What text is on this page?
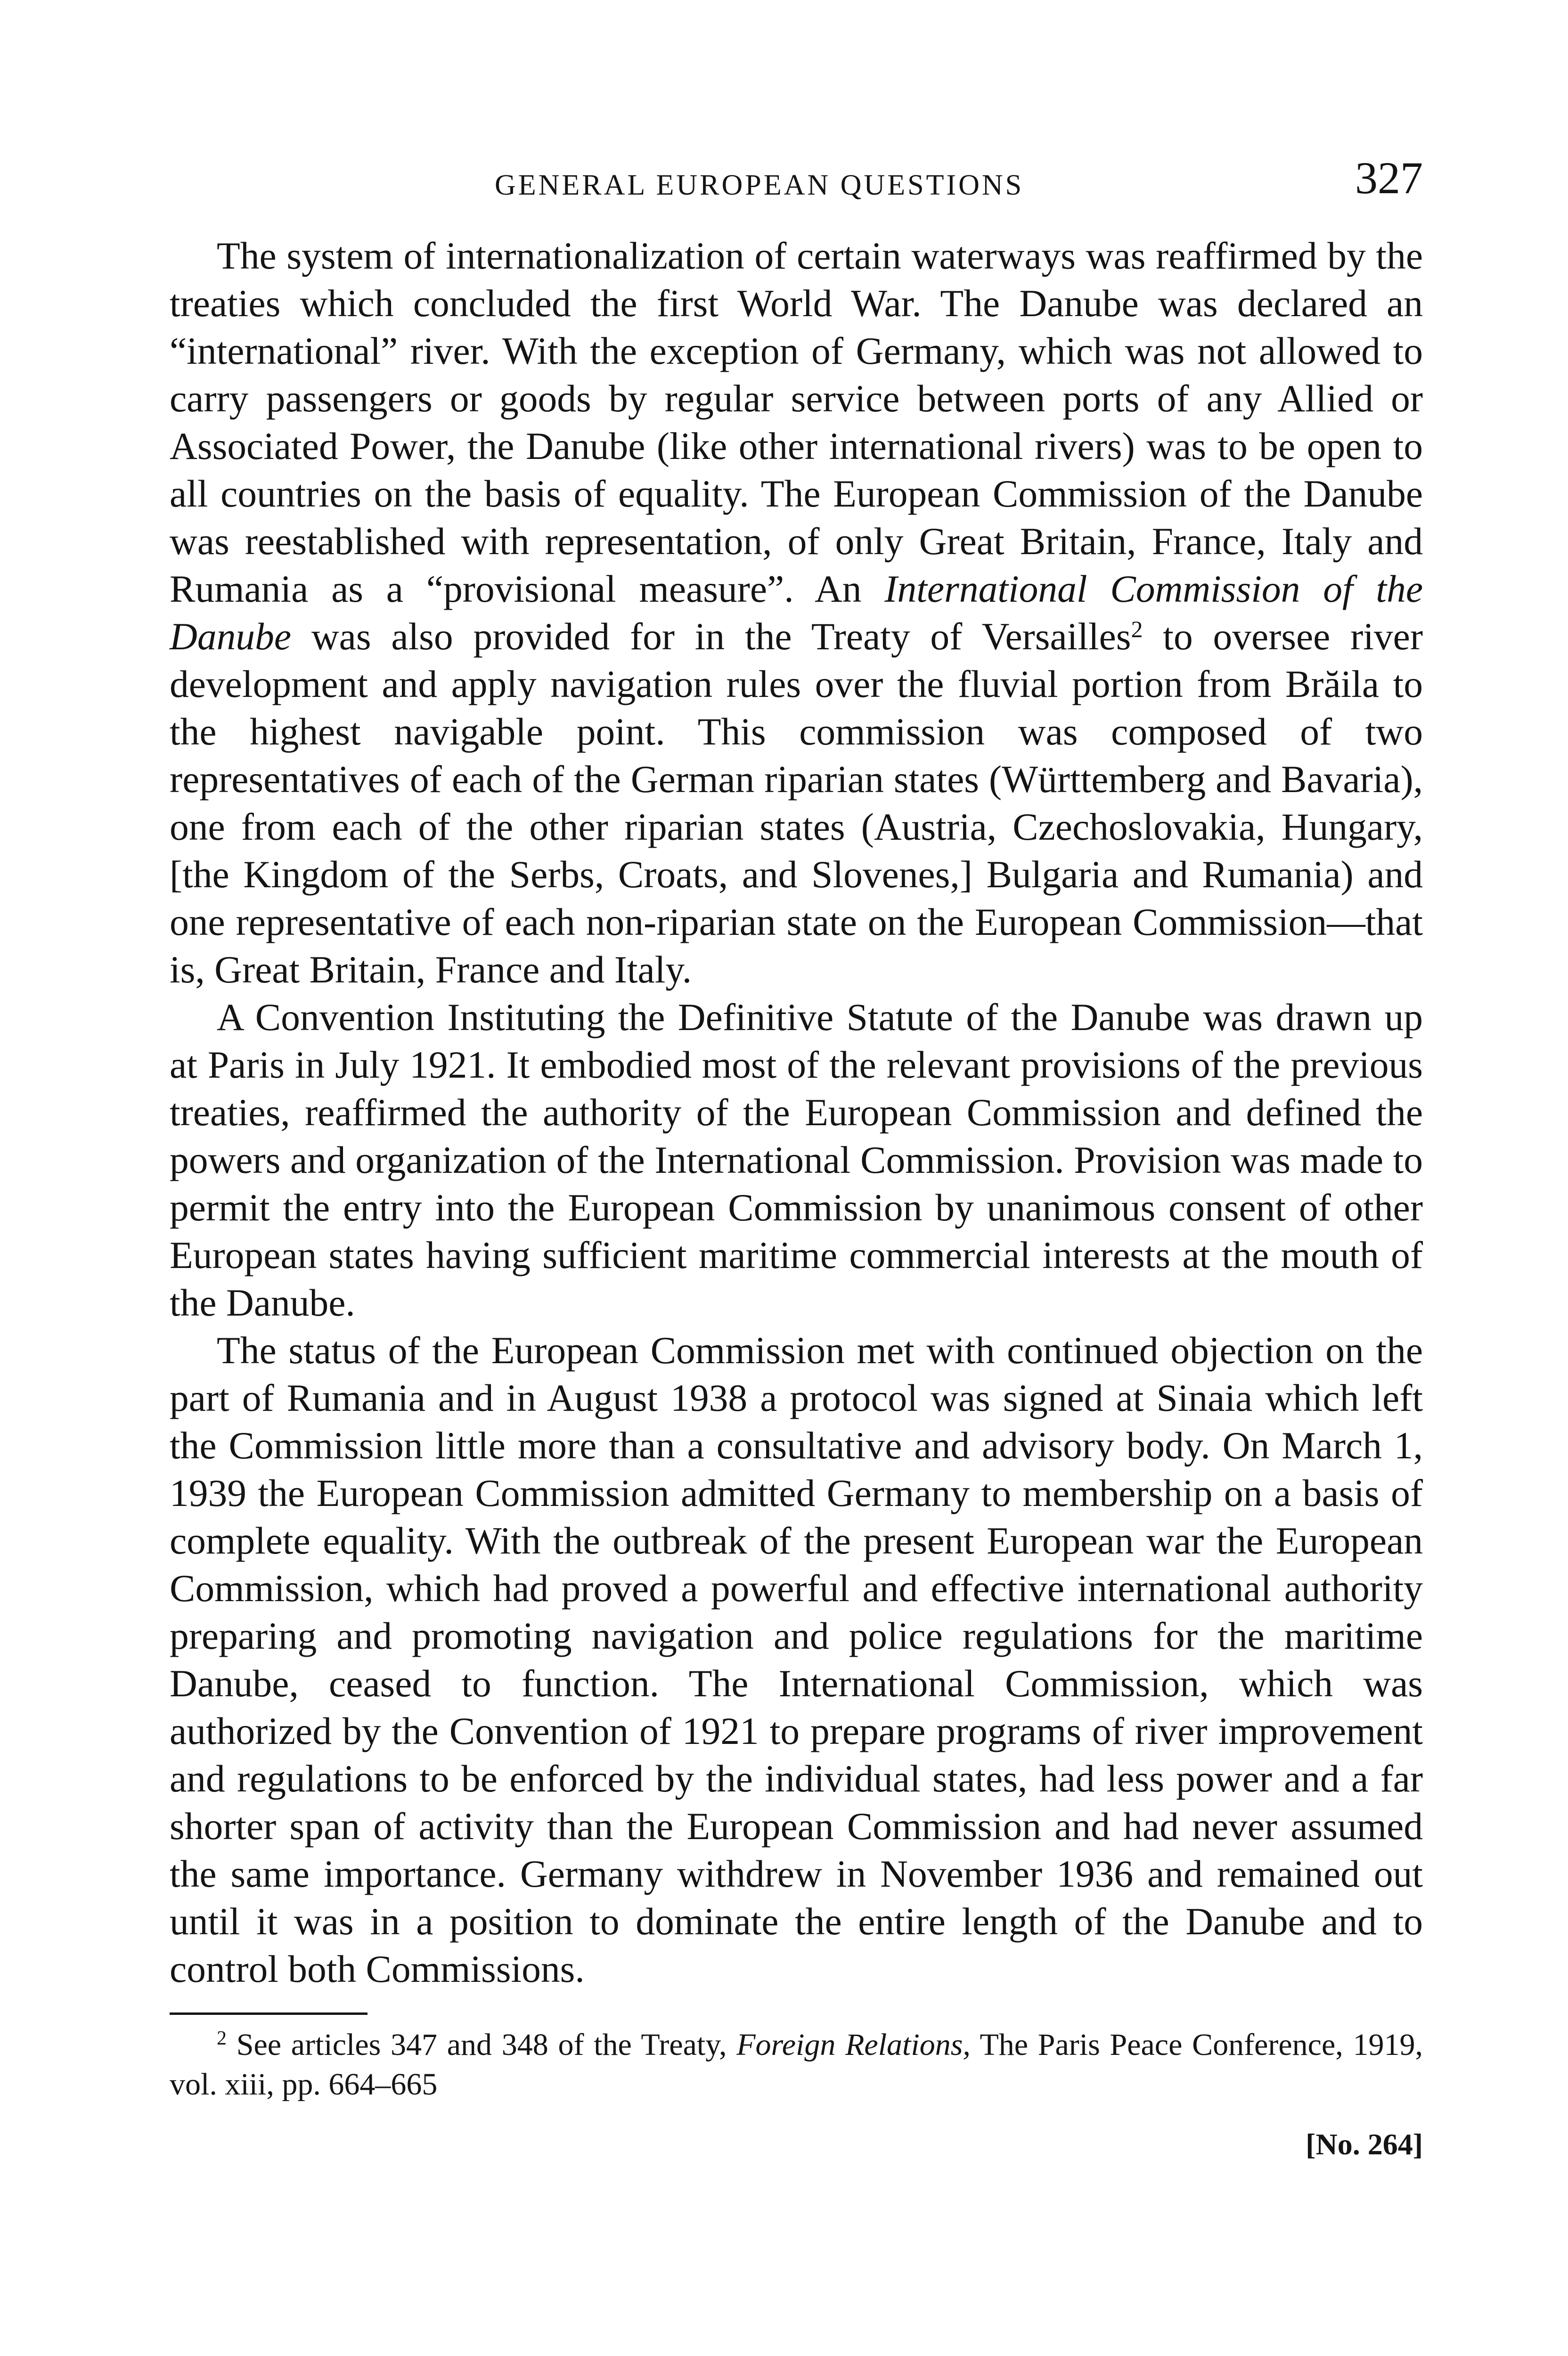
GENERAL EUROPEAN QUESTIONS	327

The system of internationalization of certain waterways was reaffirmed by the treaties which concluded the first World War. The Danube was declared an “international” river. With the exception of Germany, which was not allowed to carry passengers or goods by regular service between ports of any Allied or Associated Power, the Danube (like other international rivers) was to be open to all countries on the basis of equality. The European Commission of the Danube was reestablished with representation, of only Great Britain, France, Italy and Rumania as a “provisional measure”. An International Commission of the Danube was also provided for in the Treaty of Versailles$^2$ to oversee river development and apply navigation rules over the fluvial portion from Brăila to the highest navigable point. This commission was composed of two representatives of each of the German riparian states (Württemberg and Bavaria), one from each of the other riparian states (Austria, Czechoslovakia, Hungary, [the Kingdom of the Serbs, Croats, and Slovenes,] Bulgaria and Rumania) and one representative of each non-riparian state on the European Commission—that is, Great Britain, France and Italy.

A Convention Instituting the Definitive Statute of the Danube was drawn up at Paris in July 1921. It embodied most of the relevant provisions of the previous treaties, reaffirmed the authority of the European Commission and defined the powers and organization of the International Commission. Provision was made to permit the entry into the European Commission by unanimous consent of other European states having sufficient maritime commercial interests at the mouth of the Danube.

The status of the European Commission met with continued objection on the part of Rumania and in August 1938 a protocol was signed at Sinaia which left the Commission little more than a consultative and advisory body. On March 1, 1939 the European Commission admitted Germany to membership on a basis of complete equality. With the outbreak of the present European war the European Commission, which had proved a powerful and effective international authority preparing and promoting navigation and police regulations for the maritime Danube, ceased to function. The International Commission, which was authorized by the Convention of 1921 to prepare programs of river improvement and regulations to be enforced by the individual states, had less power and a far shorter span of activity than the European Commission and had never assumed the same importance. Germany withdrew in November 1936 and remained out until it was in a position to dominate the entire length of the Danube and to control both Commissions.

$^2$ See articles 347 and 348 of the Treaty, Foreign Relations, The Paris Peace Conference, 1919, vol. xiii, pp. 664–665
[No. 264]
